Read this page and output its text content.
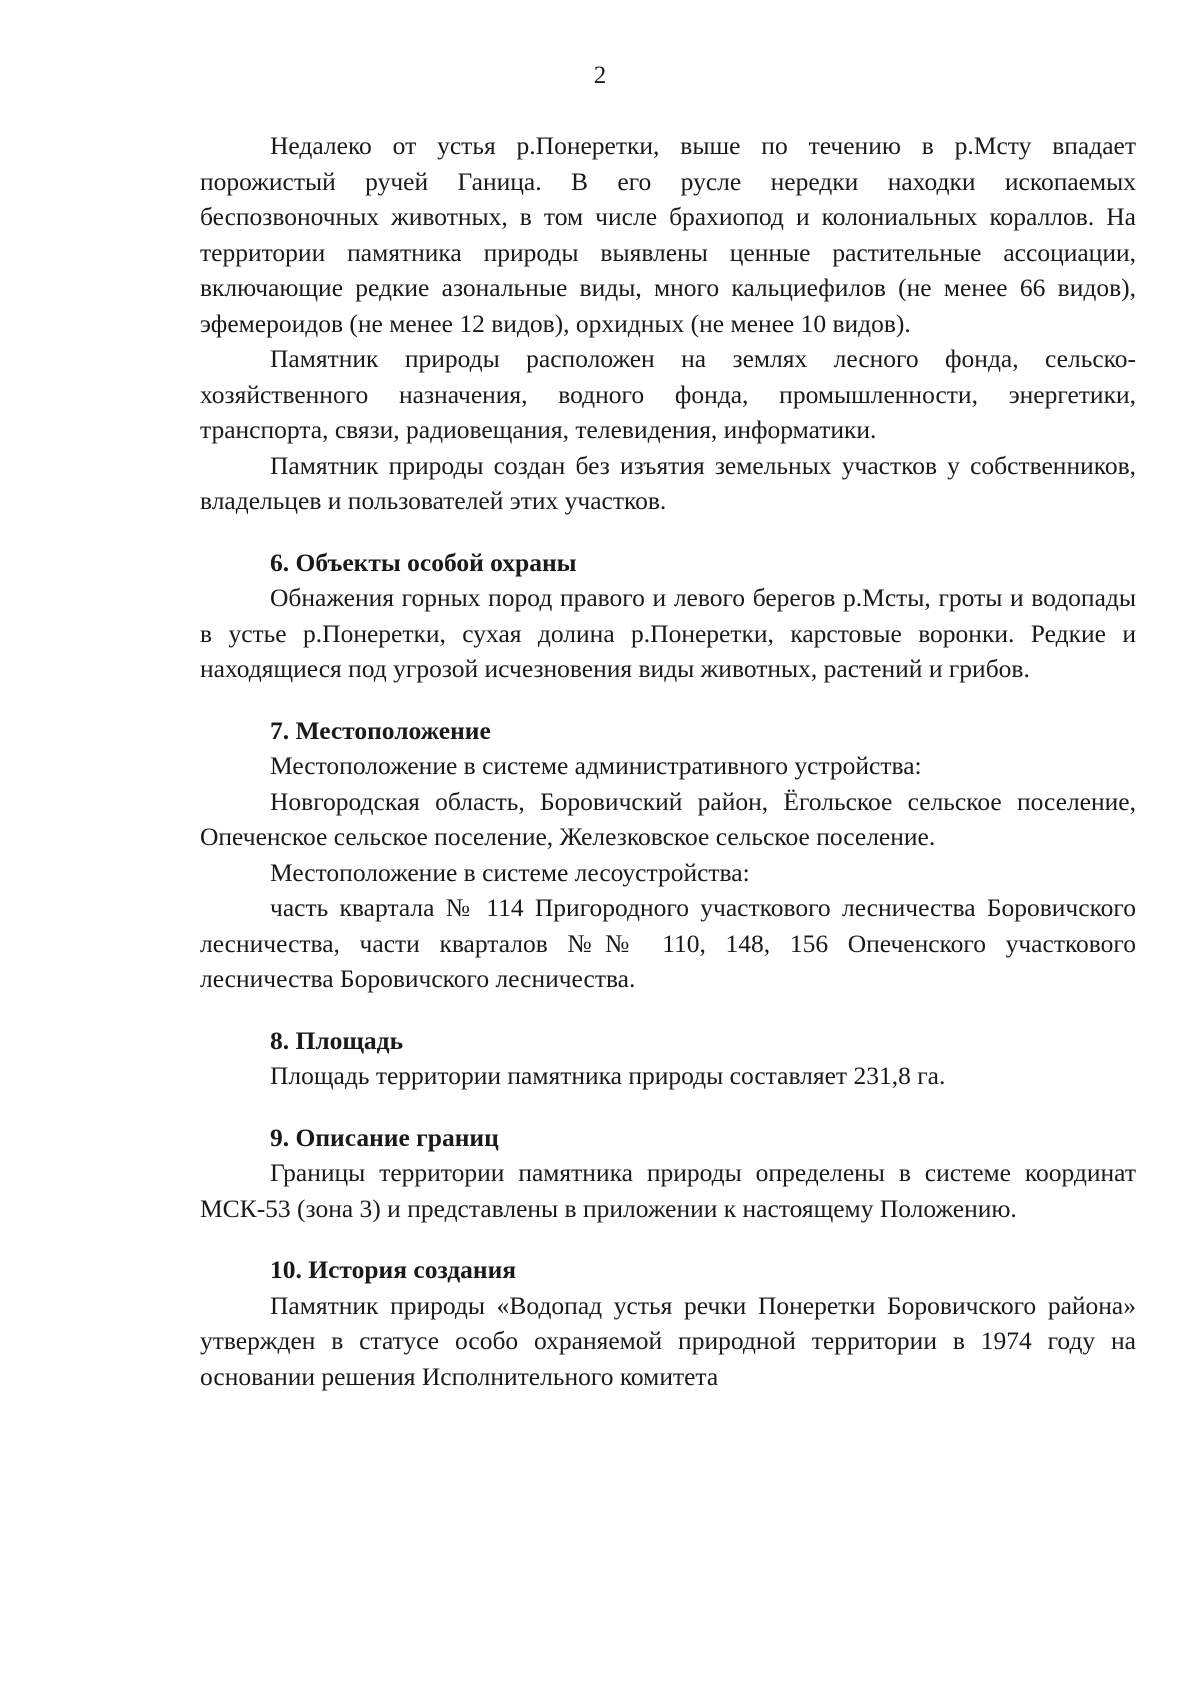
2

Недалеко от устья р.Понеретки, выше по течению в р.Мсту впадает порожистый ручей Ганица. В его русле нередки находки ископаемых беспозвоночных животных, в том числе брахиопод и колониальных кораллов. На территории памятника природы выявлены ценные растительные ассоциации, включающие редкие азональные виды, много кальциефилов (не менее 66 видов), эфемероидов (не менее 12 видов), орхидных (не менее 10 видов).

Памятник природы расположен на землях лесного фонда, сельско-хозяйственного назначения, водного фонда, промышленности, энергетики, транспорта, связи, радиовещания, телевидения, информатики.

Памятник природы создан без изъятия земельных участков у собственников, владельцев и пользователей этих участков.

6. Объекты особой охраны

Обнажения горных пород правого и левого берегов р.Мсты, гроты и водопады в устье р.Понеретки, сухая долина р.Понеретки, карстовые воронки. Редкие и находящиеся под угрозой исчезновения виды животных, растений и грибов.

7. Местоположение

Местоположение в системе административного устройства:

Новгородская область, Боровичский район, Ёгольское сельское поселение, Опеченское сельское поселение, Железковское сельское поселение.

Местоположение в системе лесоустройства:

часть квартала № 114 Пригородного участкового лесничества Боровичского лесничества, части кварталов №№ 110, 148, 156 Опеченского участкового лесничества Боровичского лесничества.

8. Площадь

Площадь территории памятника природы составляет 231,8 га.

9. Описание границ

Границы территории памятника природы определены в системе координат МСК-53 (зона 3) и представлены в приложении к настоящему Положению.

10. История создания

Памятник природы «Водопад устья речки Понеретки Боровичского района» утвержден в статусе особо охраняемой природной территории в 1974 году на основании решения Исполнительного комитета
